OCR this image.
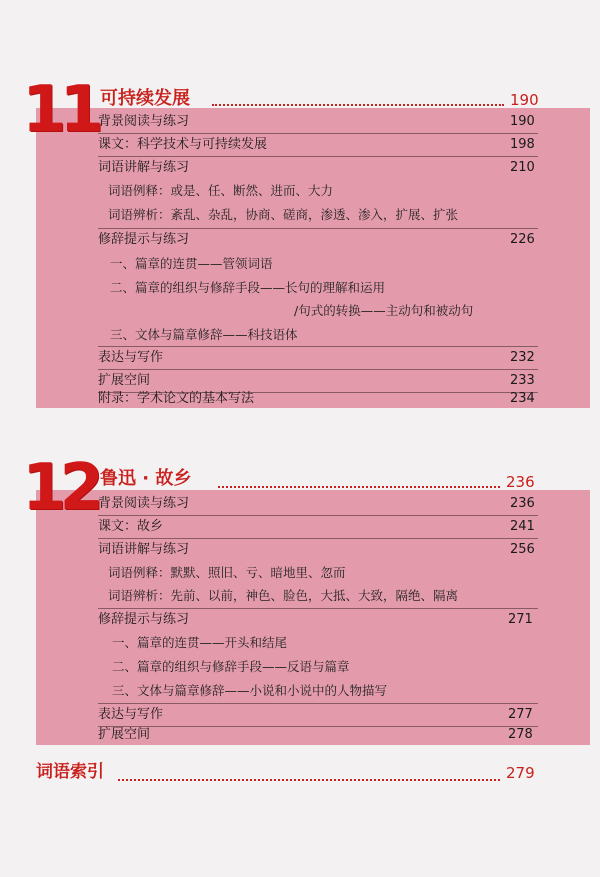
11 可持续发展	190
背景阅读与练习	190
课文：科学技术与可持续发展	198
词语讲解与练习	210
词语例释：或是、任、断然、进而、大力
词语辨析：紊乱、杂乱，协商、磋商，渗透、渗入，扩展、扩张
修辞提示与练习	226
一、篇章的连贯——管领词语
二、篇章的组织与修辞手段——长句的理解和运用
/句式的转换——主动句和被动句
三、文体与篇章修辞——科技语体
表达与写作	232
扩展空间	233
附录：学术论文的基本写法	234
12 鲁迅 · 故乡	236
背景阅读与练习	236
课文：故乡	241
词语讲解与练习	256
词语例释：默默、照旧、亏、暗地里、忽而
词语辨析：先前、以前，神色、脸色，大抵、大致，隔绝、隔离
修辞提示与练习	271
一、篇章的连贯——开头和结尾
二、篇章的组织与修辞手段——反语与篇章
三、文体与篇章修辞——小说和小说中的人物描写
表达与写作	277
扩展空间	278
词语索引	279
